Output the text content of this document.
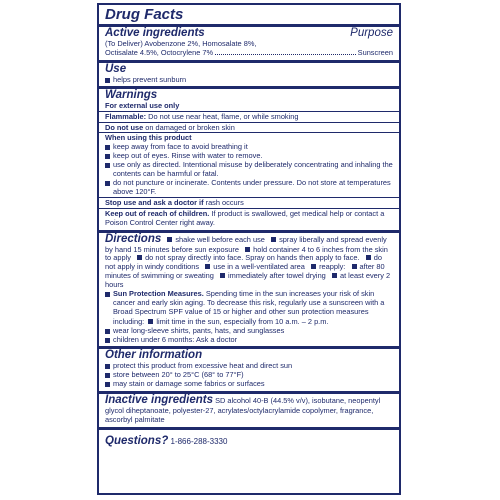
Drug Facts
Active ingredients	Purpose
(To Deliver) Avobenzone 2%, Homosalate 8%,
Octisalate 4.5%, Octocrylene 7%	Sunscreen
Use
helps prevent sunburn
Warnings
For external use only
Flammable: Do not use near heat, flame, or while smoking
Do not use on damaged or broken skin
When using this product
keep away from face to avoid breathing it
keep out of eyes. Rinse with water to remove.
use only as directed. Intentional misuse by deliberately concentrating and inhaling the contents can be harmful or fatal.
do not puncture or incinerate. Contents under pressure. Do not store at temperatures above 120°F.
Stop use and ask a doctor if rash occurs
Keep out of reach of children. If product is swallowed, get medical help or contact a Poison Control Center right away.
Directions shake well before each use spray liberally and spread evenly by hand 15 minutes before sun exposure hold container 4 to 6 inches from the skin to apply do not spray directly into face. Spray on hands then apply to face. do not apply in windy conditions use in a well-ventilated area reapply: after 80 minutes of swimming or sweating immediately after towel drying at least every 2 hours
Sun Protection Measures. Spending time in the sun increases your risk of skin cancer and early skin aging. To decrease this risk, regularly use a sunscreen with a Broad Spectrum SPF value of 15 or higher and other sun protection measures including: limit time in the sun, especially from 10 a.m. – 2 p.m.
wear long-sleeve shirts, pants, hats, and sunglasses
children under 6 months: Ask a doctor
Other information
protect this product from excessive heat and direct sun
store between 20° to 25°C (68° to 77°F)
may stain or damage some fabrics or surfaces
Inactive ingredients SD alcohol 40-B (44.5% v/v), isobutane, neopentyl glycol diheptanoate, polyester-27, acrylates/octylacrylamide copolymer, fragrance, ascorbyl palmitate
Questions? 1-866-288-3330
